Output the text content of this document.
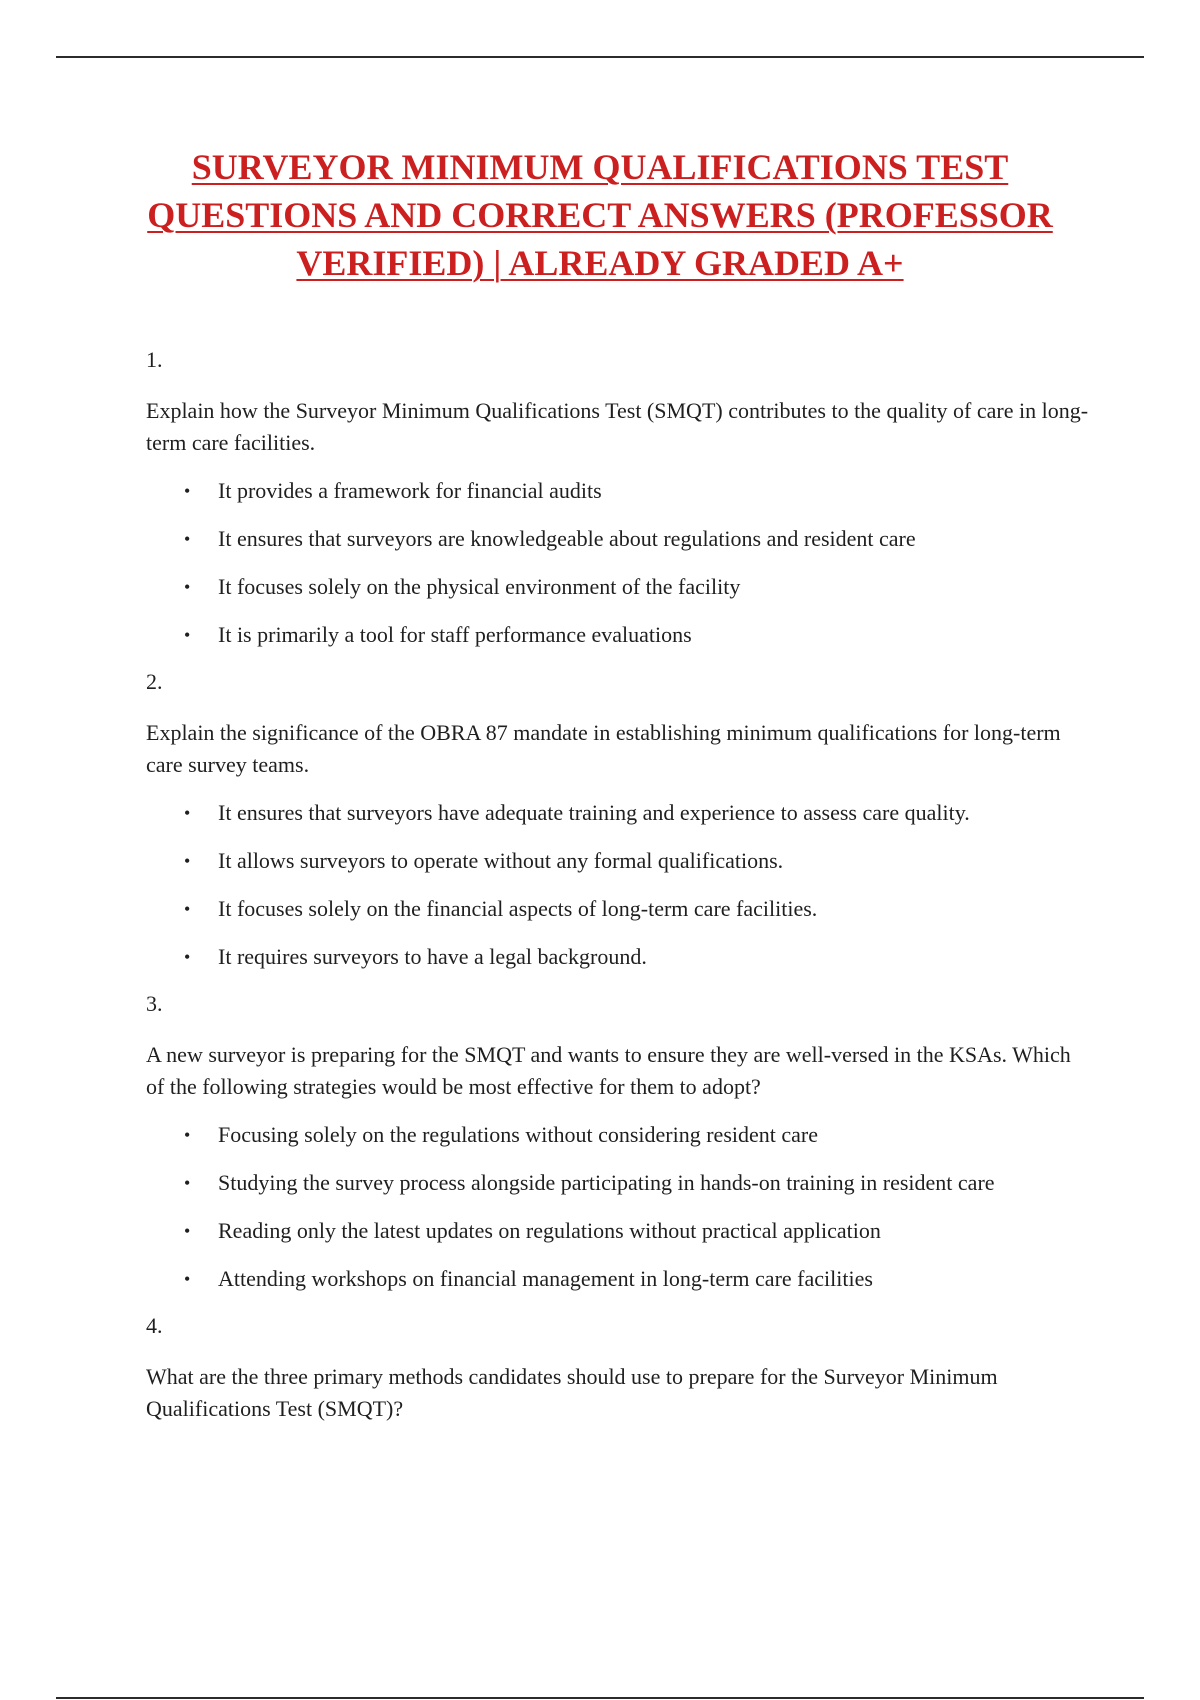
SURVEYOR MINIMUM QUALIFICATIONS TEST
QUESTIONS AND CORRECT ANSWERS (PROFESSOR
VERIFIED) | ALREADY GRADED A+

1.

Explain how the Surveyor Minimum Qualifications Test (SMQT) contributes to the quality of care in long-term care facilities.

• It provides a framework for financial audits
• It ensures that surveyors are knowledgeable about regulations and resident care
• It focuses solely on the physical environment of the facility
• It is primarily a tool for staff performance evaluations

2.

Explain the significance of the OBRA 87 mandate in establishing minimum qualifications for long-term care survey teams.

• It ensures that surveyors have adequate training and experience to assess care quality.
• It allows surveyors to operate without any formal qualifications.
• It focuses solely on the financial aspects of long-term care facilities.
• It requires surveyors to have a legal background.

3.

A new surveyor is preparing for the SMQT and wants to ensure they are well-versed in the KSAs. Which of the following strategies would be most effective for them to adopt?

• Focusing solely on the regulations without considering resident care
• Studying the survey process alongside participating in hands-on training in resident care
• Reading only the latest updates on regulations without practical application
• Attending workshops on financial management in long-term care facilities

4.

What are the three primary methods candidates should use to prepare for the Surveyor Minimum Qualifications Test (SMQT)?
